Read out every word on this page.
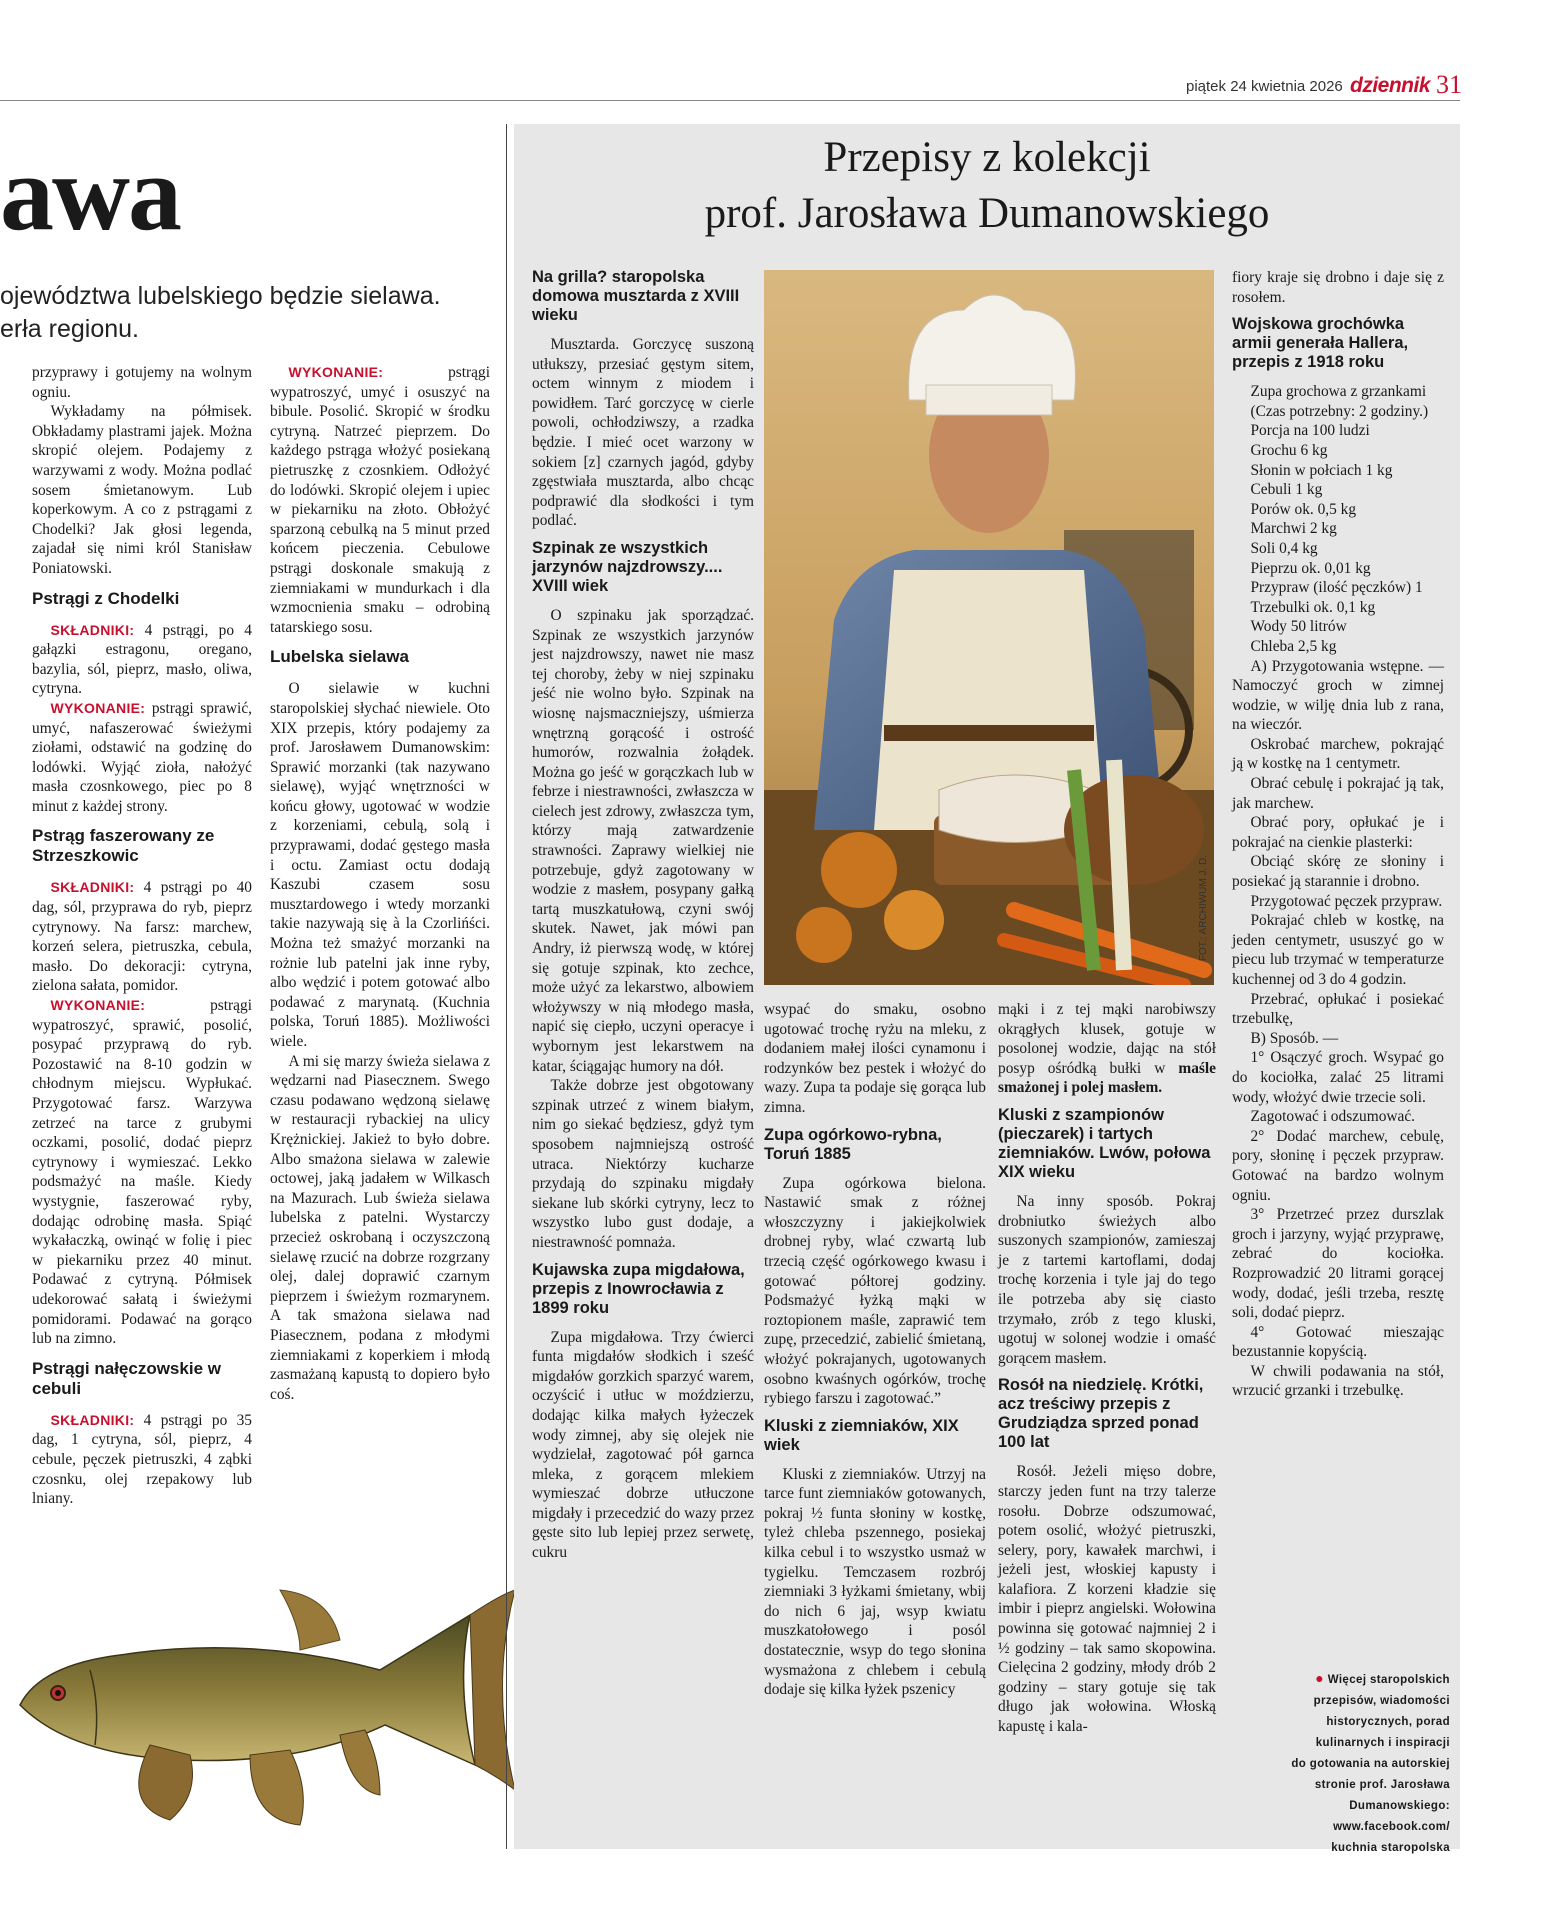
piątek 24 kwietnia 2026 dziennik 31
awa
ojewództwa lubelskiego będzie sielawa.
erła regionu.

przyprawy i gotujemy na wolnym ogniu.

Wykładamy na półmisek. Obkładamy plastrami jajek. Można skropić olejem. Podajemy z warzywami z wody. Można podlać sosem śmietanowym. Lub koperkowym. A co z pstrągami z Chodelki? Jak głosi legenda, zajadał się nimi król Stanisław Poniatowski.

Pstrągi z Chodelki

SKŁADNIKI: 4 pstrągi, po 4 gałązki estragonu, oregano, bazylia, sól, pieprz, masło, oliwa, cytryna.

WYKONANIE: pstrągi sprawić, umyć, nafaszerować świeżymi ziołami, odstawić na godzinę do lodówki. Wyjąć zioła, nałożyć masła czosnkowego, piec po 8 minut z każdej strony.

Pstrąg faszerowany ze Strzeszkowic

SKŁADNIKI: 4 pstrągi po 40 dag, sól, przyprawa do ryb, pieprz cytrynowy. Na farsz: marchew, korzeń selera, pietruszka, cebula, masło. Do dekoracji: cytryna, zielona sałata, pomidor.

WYKONANIE: pstrągi wypatroszyć, sprawić, posolić, posypać przyprawą do ryb. Pozostawić na 8-10 godzin w chłodnym miejscu. Wypłukać. Przygotować farsz. Warzywa zetrzeć na tarce z grubymi oczkami, posolić, dodać pieprz cytrynowy i wymieszać. Lekko podsmażyć na maśle. Kiedy wystygnie, faszerować ryby, dodając odrobinę masła. Spiąć wykałaczką, owinąć w folię i piec w piekarniku przez 40 minut. Podawać z cytryną. Półmisek udekorować sałatą i świeżymi pomidorami. Podawać na gorąco lub na zimno.

Pstrągi nałęczowskie w cebuli

SKŁADNIKI: 4 pstrągi po 35 dag, 1 cytryna, sól, pieprz, 4 cebule, pęczek pietruszki, 4 ząbki czosnku, olej rzepakowy lub lniany.

WYKONANIE: pstrągi wypatroszyć, umyć i osuszyć na bibule. Posolić. Skropić w środku cytryną. Natrzeć pieprzem. Do każdego pstrąga włożyć posiekaną pietruszkę z czosnkiem. Odłożyć do lodówki. Skropić olejem i upiec w piekarniku na złoto. Obłożyć sparzoną cebulką na 5 minut przed końcem pieczenia. Cebulowe pstrągi doskonale smakują z ziemniakami w mundurkach i dla wzmocnienia smaku – odrobiną tatarskiego sosu.

Lubelska sielawa

O sielawie w kuchni staropolskiej słychać niewiele. Oto XIX przepis, który podajemy za prof. Jarosławem Dumanowskim: Sprawić morzanki (tak nazywano sielawę), wyjąć wnętrzności w końcu głowy, ugotować w wodzie z korzeniami, cebulą, solą i przyprawami, dodać gęstego masła i octu. Zamiast octu dodają Kaszubi czasem sosu musztardowego i wtedy morzanki takie nazywają się à la Czorlińści. Można też smażyć morzanki na rożnie lub patelni jak inne ryby, albo wędzić i potem gotować albo podawać z marynatą. (Kuchnia polska, Toruń 1885). Możliwości wiele.

A mi się marzy świeża sielawa z wędzarni nad Piasecznem. Swego czasu podawano wędzoną sielawę w restauracji rybackiej na ulicy Krężnickiej. Jakież to było dobre. Albo smażona sielawa w zalewie octowej, jaką jadałem w Wilkasch na Mazurach. Lub świeża sielawa lubelska z patelni. Wystarczy przecież oskrobaną i oczyszczoną sielawę rzucić na dobrze rozgrzany olej, dalej doprawić czarnym pieprzem i świeżym rozmarynem. A tak smażona sielawa nad Piasecznem, podana z młodymi ziemniakami z koperkiem i młodą zasmażaną kapustą to dopiero było coś.

Przepisy z kolekcji
prof. Jarosława Dumanowskiego
FOT.: ARCHIWUM J. D.
Na grilla? staropolska domowa musztarda z XVIII wieku

Musztarda. Gorczycę suszoną utłukszy, przesiać gęstym sitem, octem winnym z miodem i powidłem. Tarć gorczycę w cierle powoli, ochłodziwszy, a rzadka będzie. I mieć ocet warzony w sokiem [z] czarnych jagód, gdyby zgęstwiała musztarda, albo chcąc podprawić dla słodkości i tym podlać.

Szpinak ze wszystkich jarzynów najzdrowszy.... XVIII wiek

O szpinaku jak sporządzać. Szpinak ze wszystkich jarzynów jest najzdrowszy, nawet nie masz tej choroby, żeby w niej szpinaku jeść nie wolno było. Szpinak na wiosnę najsmaczniejszy, uśmierza wnętrzną gorącość i ostrość humorów, rozwalnia żołądek. Można go jeść w gorączkach lub w febrze i niestrawności, zwłaszcza w cielech jest zdrowy, zwłaszcza tym, którzy mają zatwardzenie strawności. Zaprawy wielkiej nie potrzebuje, gdyż zagotowany w wodzie z masłem, posypany gałką tartą muszkatułową, czyni swój skutek. Nawet, jak mówi pan Andry, iż pierwszą wodę, w której się gotuje szpinak, kto zechce, może użyć za lekarstwo, albowiem włożywszy w nią młodego masła, napić się ciepło, uczyni operacye i wybornym jest lekarstwem na katar, ściągając humory na dół.

Także dobrze jest obgotowany szpinak utrzeć z winem białym, nim go siekać będziesz, gdyż tym sposobem najmniejszą ostrość utraca. Niektórzy kucharze przydają do szpinaku migdały siekane lub skórki cytryny, lecz to wszystko lubo gust dodaje, a niestrawność pomnaża.

Kujawska zupa migdałowa, przepis z Inowrocławia z 1899 roku

Zupa migdałowa. Trzy ćwierci funta migdałów słodkich i sześć migdałów gorzkich sparzyć warem, oczyścić i utłuc w moździerzu, dodając kilka małych łyżeczek wody zimnej, aby się olejek nie wydzielał, zagotować pół garnca mleka, z gorącem mlekiem wymieszać dobrze utłuczone migdały i przecedzić do wazy przez gęste sito lub lepiej przez serwetę, cukru

wsypać do smaku, osobno ugotować trochę ryżu na mleku, z dodaniem małej ilości cynamonu i rodzynków bez pestek i włożyć do wazy. Zupa ta podaje się gorąca lub zimna.

Zupa ogórkowo-rybna, Toruń 1885

Zupa ogórkowa bielona. Nastawić smak z różnej włoszczyzny i jakiejkolwiek drobnej ryby, wlać czwartą lub trzecią część ogórkowego kwasu i gotować półtorej godziny. Podsmażyć łyżką mąki w roztopionem maśle, zaprawić tem zupę, przecedzić, zabielić śmietaną, włożyć pokrajanych, ugotowanych osobno kwaśnych ogórków, trochę rybiego farszu i zagotować.”

Kluski z ziemniaków, XIX wiek

Kluski z ziemniaków. Utrzyj na tarce funt ziemniaków gotowanych, pokraj ½ funta słoniny w kostkę, tyleż chleba pszennego, posiekaj kilka cebul i to wszystko usmaż w tygielku. Temczasem rozbrój ziemniaki 3 łyżkami śmietany, wbij do nich 6 jaj, wsyp kwiatu muszkatołowego i posól dostatecznie, wsyp do tego słonina wysmażona z chlebem i cebulą dodaje się kilka łyżek pszenicy

mąki i z tej mąki narobiwszy okrągłych klusek, gotuje w posolonej wodzie, dając na stół posyp ośródką bułki w maśle smażonej i polej masłem.

Kluski z szampionów (pieczarek) i tartych ziemniaków. Lwów, połowa XIX wieku

Na inny sposób. Pokraj drobniutko świeżych albo suszonych szampionów, zamieszaj je z tartemi kartoflami, dodaj trochę korzenia i tyle jaj do tego ile potrzeba aby się ciasto trzymało, zrób z tego kluski, ugotuj w solonej wodzie i omaść gorącem masłem.

Rosół na niedzielę. Krótki, acz treściwy przepis z Grudziądza sprzed ponad 100 lat

Rosół. Jeżeli mięso dobre, starczy jeden funt na trzy talerze rosołu. Dobrze odszumować, potem osolić, włożyć pietruszki, selery, pory, kawałek marchwi, i jeżeli jest, włoskiej kapusty i kalafiora. Z korzeni kładzie się imbir i pieprz angielski. Wołowina powinna się gotować najmniej 2 i ½ godziny – tak samo skopowina. Cielęcina 2 godziny, młody drób 2 godziny – stary gotuje się tak długo jak wołowina. Włoską kapustę i kala-

fiory kraje się drobno i daje się z rosołem.

Wojskowa grochówka armii generała Hallera, przepis z 1918 roku

Zupa grochowa z grzankami

(Czas potrzebny: 2 godziny.)

Porcja na 100 ludzi

Grochu 6 kg

Słonin w połciach 1 kg

Cebuli 1 kg

Porów ok. 0,5 kg

Marchwi 2 kg

Soli 0,4 kg

Pieprzu ok. 0,01 kg

Przypraw (ilość pęczków) 1

Trzebulki ok. 0,1 kg

Wody 50 litrów

Chleba 2,5 kg

A) Przygotowania wstępne. — Namoczyć groch w zimnej wodzie, w wilję dnia lub z rana, na wieczór.

Oskrobać marchew, pokrająć ją w kostkę na 1 centymetr.

Obrać cebulę i pokrajać ją tak, jak marchew.

Obrać pory, opłukać je i pokrajać na cienkie plasterki:

Obciąć skórę ze słoniny i posiekać ją starannie i drobno.

Przygotować pęczek przypraw.

Pokrajać chleb w kostkę, na jeden centymetr, ususzyć go w piecu lub trzymać w temperaturze kuchennej od 3 do 4 godzin.

Przebrać, opłukać i posiekać trzebulkę,

B) Sposób. —

1° Osączyć groch. Wsypać go do kociołka, zalać 25 litrami wody, włożyć dwie trzecie soli.

Zagotować i odszumować.

2° Dodać marchew, cebulę, pory, słoninę i pęczek przypraw. Gotować na bardzo wolnym ogniu.

3° Przetrzeć przez durszlak groch i jarzyny, wyjąć przyprawę, zebrać do kociołka. Rozprowadzić 20 litrami gorącej wody, dodać, jeśli trzeba, resztę soli, dodać pieprz.

4° Gotować mieszając bezustannie kopyścią.

W chwili podawania na stół, wrzucić grzanki i trzebulkę.

● Więcej staropolskich
przepisów, wiadomości
historycznych, porad
kulinarnych i inspiracji
do gotowania na autorskiej
stronie prof. Jarosława
Dumanowskiego:
www.facebook.com/
kuchnia staropolska
